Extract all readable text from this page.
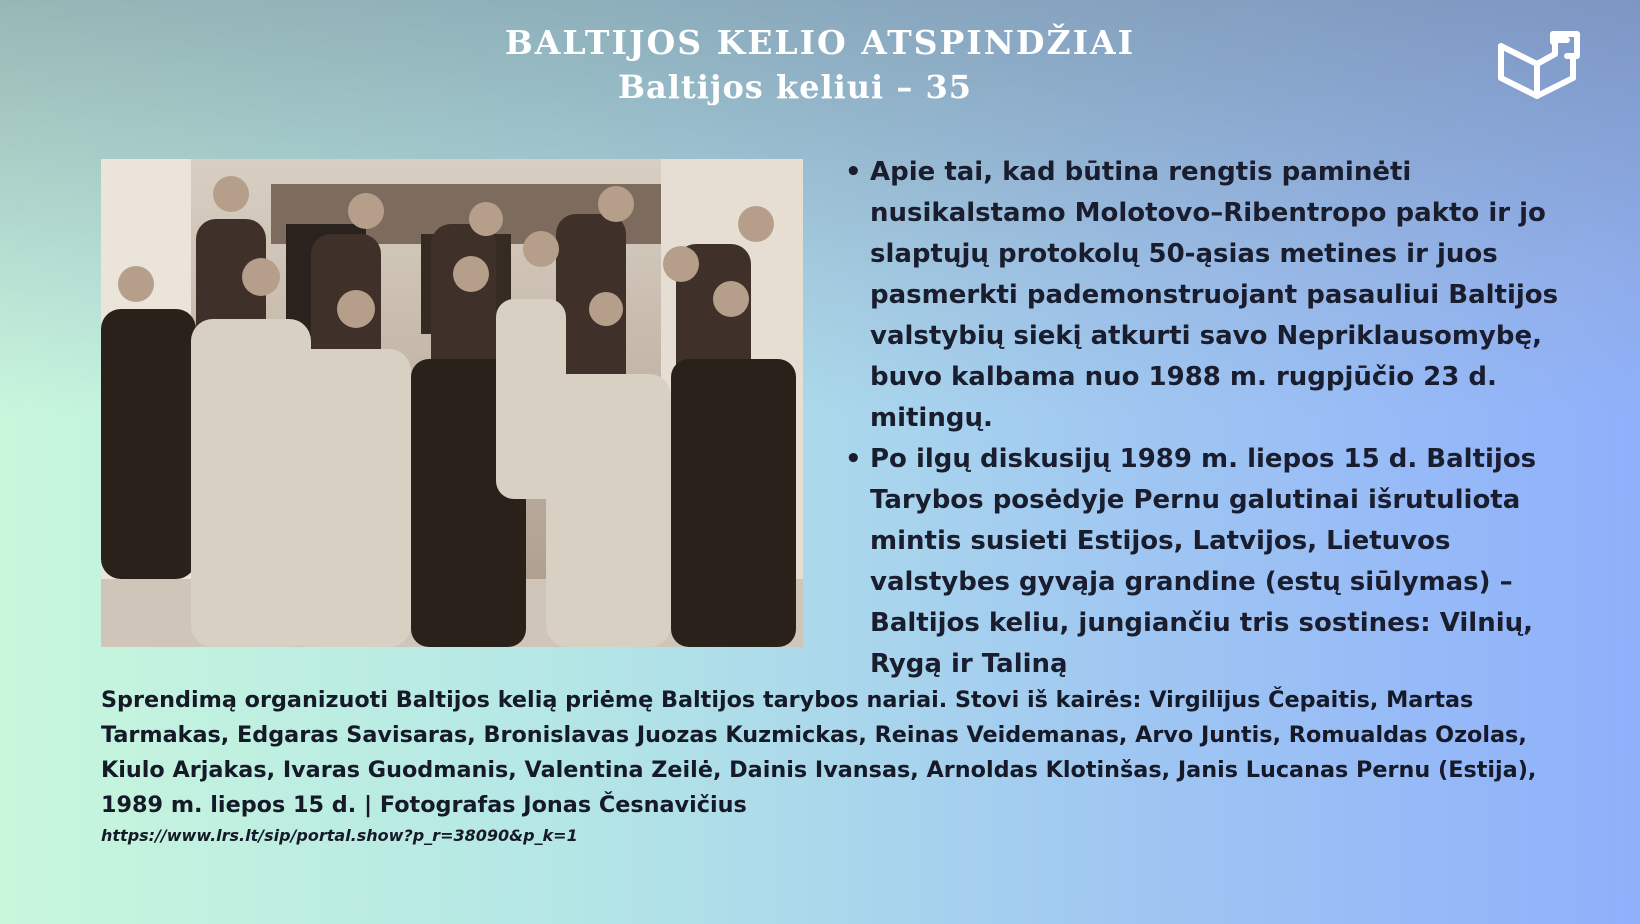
BALTIJOS KELIO ATSPINDŽIAI
Baltijos keliui – 35
• Apie tai, kad būtina rengtis paminėti nusikalstamo Molotovo–Ribentropo pakto ir jo slaptųjų protokolų 50-ąsias metines ir juos pasmerkti pademonstruojant pasauliui Baltijos valstybių siekį atkurti savo Nepriklausomybę, buvo kalbama nuo 1988 m. rugpjūčio 23 d. mitingų.
• Po ilgų diskusijų 1989 m. liepos 15 d. Baltijos Tarybos posėdyje Pernu galutinai išrutuliota mintis susieti Estijos, Latvijos, Lietuvos valstybes gyvąja grandine (estų siūlymas) – Baltijos keliu, jungiančiu tris sostines: Vilnių, Rygą ir Taliną
Sprendimą organizuoti Baltijos kelią priėmę Baltijos tarybos nariai. Stovi iš kairės: Virgilijus Čepaitis, Martas Tarmakas, Edgaras Savisaras, Bronislavas Juozas Kuzmickas, Reinas Veidemanas, Arvo Juntis, Romualdas Ozolas, Kiulo Arjakas, Ivaras Guodmanis, Valentina Zeilė, Dainis Ivansas, Arnoldas Klotinšas, Janis Lucanas Pernu (Estija), 1989 m. liepos 15 d. | Fotografas Jonas Česnavičius
https://www.lrs.lt/sip/portal.show?p_r=38090&p_k=1
